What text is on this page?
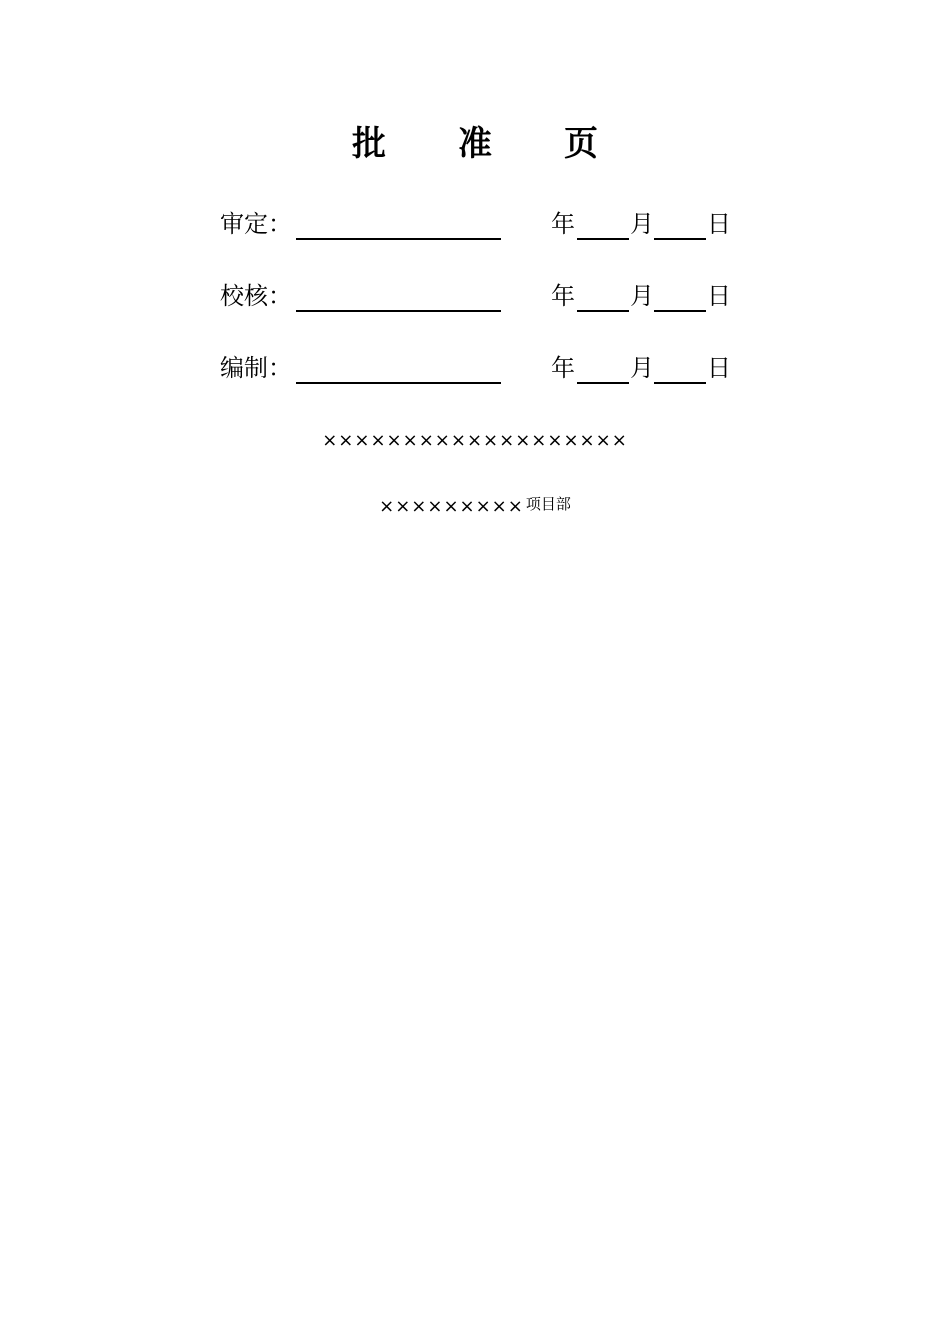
批 准 页
审定：	年 月 日
校核：	年 月 日
编制：	年 月 日
×××××××××××××××××××
××××××××× 项目部
